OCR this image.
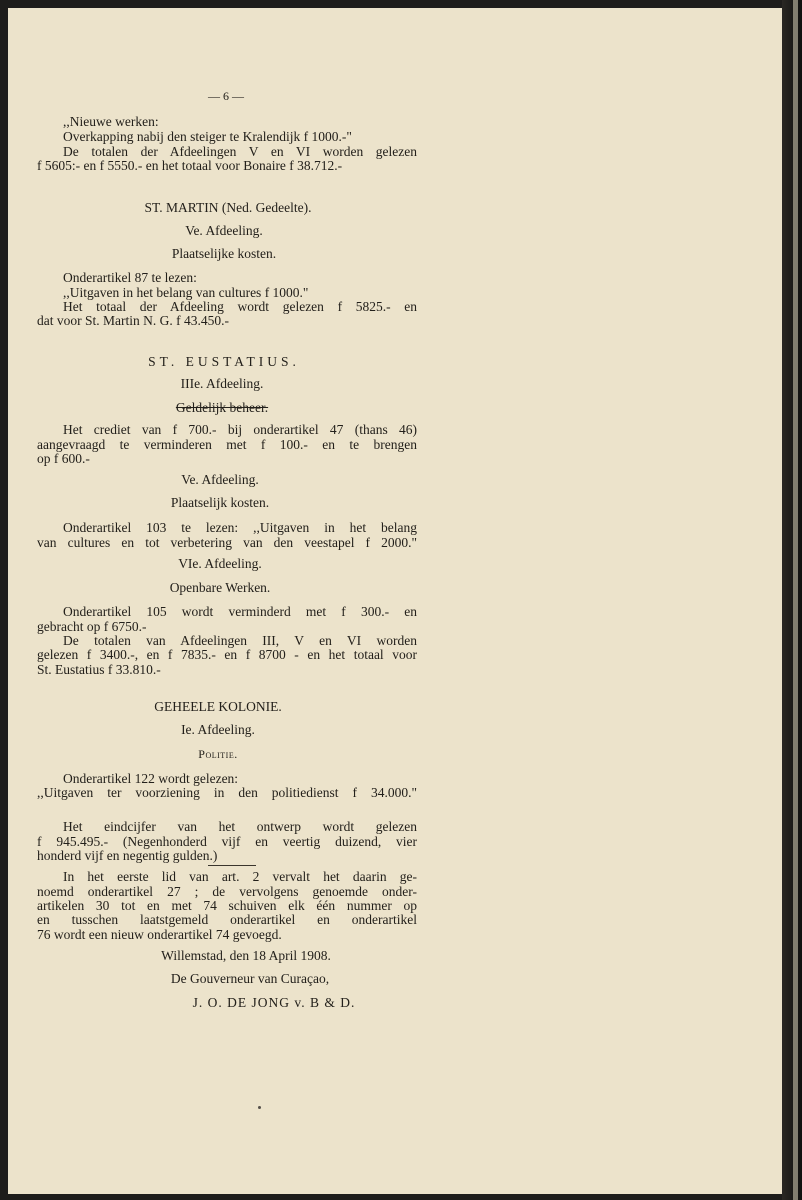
— 6 —

,,Nieuwe werken:

Overkapping nabij den steiger te Kralendijk f 1000.-"

De totalen der Afdeelingen V en VI worden gelezen

f 5605:- en f 5550.- en het totaal voor Bonaire f 38.712.-

ST. MARTIN (Ned. Gedeelte).

Ve. Afdeeling.

Plaatselijke kosten.

Onderartikel 87 te lezen:

,,Uitgaven in het belang van cultures f 1000."

Het totaal der Afdeeling wordt gelezen f 5825.- en

dat voor St. Martin N. G. f 43.450.-

ST. EUSTATIUS.

IIIe. Afdeeling.

Geldelijk beheer.

Het crediet van f 700.- bij onderartikel 47 (thans 46)

aangevraagd te verminderen met f 100.- en te brengen

op f 600.-

Ve. Afdeeling.

Plaatselijk kosten.

Onderartikel 103 te lezen: ,,Uitgaven in het belang

van cultures en tot verbetering van den veestapel f 2000."

VIe. Afdeeling.

Openbare Werken.

Onderartikel 105 wordt verminderd met f 300.- en

gebracht op f 6750.-

De totalen van Afdeelingen III, V en VI worden

gelezen f 3400.-, en f 7835.- en f 8700 - en het totaal voor

St. Eustatius f 33.810.-

GEHEELE KOLONIE.

Ie. Afdeeling.

Politie.

Onderartikel 122 wordt gelezen:

,,Uitgaven ter voorziening in den politiedienst f 34.000."

Het eindcijfer van het ontwerp wordt gelezen

f 945.495.- (Negenhonderd vijf en veertig duizend, vier

honderd vijf en negentig gulden.)

In het eerste lid van art. 2 vervalt het daarin ge-

noemd onderartikel 27 ; de vervolgens genoemde onder-

artikelen 30 tot en met 74 schuiven elk één nummer op

en tusschen laatstgemeld onderartikel en onderartikel

76 wordt een nieuw onderartikel 74 gevoegd.

Willemstad, den 18 April 1908.

De Gouverneur van Curaçao,

J. O. DE JONG v. B & D.
